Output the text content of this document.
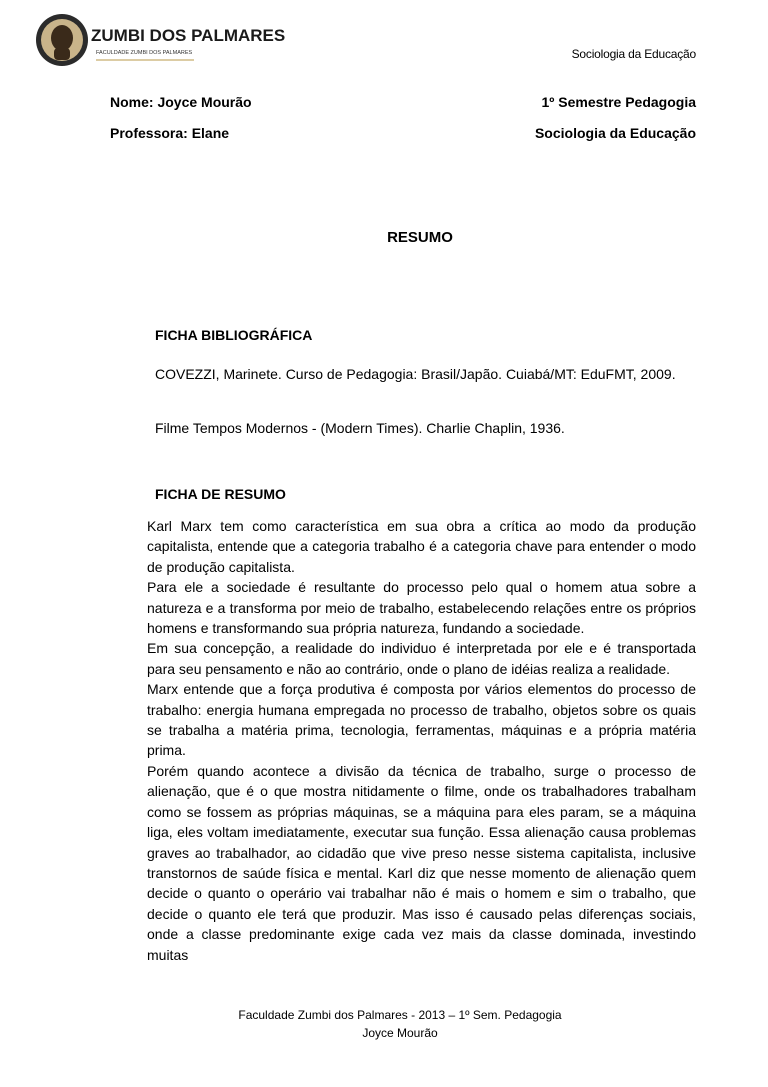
ZUMBI DOS PALMARES
FACULDADE ZUMBI DOS PALMARES	Sociologia da Educação
Nome: Joyce Mourão	1º Semestre Pedagogia
Professora: Elane	Sociologia da Educação
RESUMO
FICHA BIBLIOGRÁFICA
COVEZZI, Marinete. Curso de Pedagogia: Brasil/Japão. Cuiabá/MT: EduFMT, 2009.
Filme Tempos Modernos - (Modern Times). Charlie Chaplin, 1936.
FICHA DE RESUMO

Karl Marx tem como característica em sua obra a crítica ao modo da produção capitalista, entende que a categoria trabalho é a categoria chave para entender o modo de produção capitalista.

Para ele a sociedade é resultante do processo pelo qual o homem atua sobre a natureza e a transforma por meio de trabalho, estabelecendo relações entre os próprios homens e transformando sua própria natureza, fundando a sociedade.

Em sua concepção, a realidade do individuo é interpretada por ele e é transportada para seu pensamento e não ao contrário, onde o plano de idéias realiza a realidade.

Marx entende que a força produtiva é composta por vários elementos do processo de trabalho: energia humana empregada no processo de trabalho, objetos sobre os quais se trabalha a matéria prima, tecnologia, ferramentas, máquinas e a própria matéria prima.

Porém quando acontece a divisão da técnica de trabalho, surge o processo de alienação, que é o que mostra nitidamente o filme, onde os trabalhadores trabalham como se fossem as próprias máquinas, se a máquina para eles param, se a máquina liga, eles voltam imediatamente, executar sua função. Essa alienação causa problemas graves ao trabalhador, ao cidadão que vive preso nesse sistema capitalista, inclusive transtornos de saúde física e mental. Karl diz que nesse momento de alienação quem decide o quanto o operário vai trabalhar não é mais o homem e sim o trabalho, que decide o quanto ele terá que produzir. Mas isso é causado pelas diferenças sociais, onde a classe predominante exige cada vez mais da classe dominada, investindo muitas

Faculdade Zumbi dos Palmares - 2013 – 1º Sem. Pedagogia
Joyce Mourão
